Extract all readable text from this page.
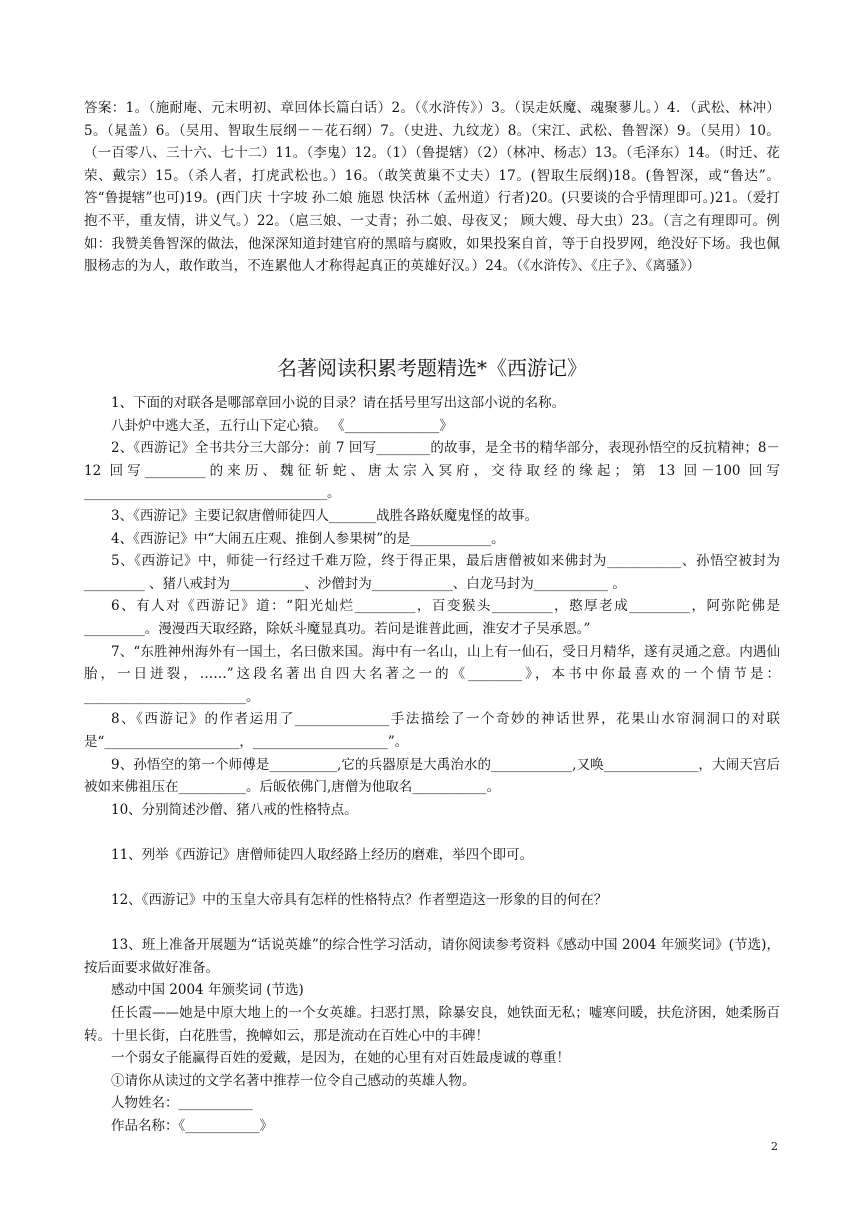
答案：1。（施耐庵、元末明初、章回体长篇白话）2。（《水浒传》）3。（误走妖魔、魂聚蓼儿。）4．（武松、林冲）5。（晁盖）6。（吴用、智取生辰纲－－花石纲）7。（史进、九纹龙）8。（宋江、武松、鲁智深）9。（吴用）10。（一百零八、三十六、七十二）11。（李鬼）12。（1）（鲁提辖）（2）（林冲、杨志）13。（毛泽东）14。（时迁、花荣、戴宗）15。（杀人者，打虎武松也。）16。（敢笑黄巢不丈夫）17。(智取生辰纲)18。(鲁智深，或“鲁达”。答“鲁提辖”也可)19。(西门庆 十字坡 孙二娘 施恩 快活林（孟州道）行者)20。(只要谈的合乎情理即可。)21。（爱打抱不平，重友情，讲义气。）22。（扈三娘、一丈青；孙二娘、母夜叉； 顾大嫂、母大虫）23。（言之有理即可。例如：我赞美鲁智深的做法，他深深知道封建官府的黑暗与腐败，如果投案自首，等于自投罗网，绝没好下场。我也佩服杨志的为人，敢作敢当，不连累他人才称得起真正的英雄好汉。）24。（《水浒传》、《庄子》、《离骚》）
名著阅读积累考题精选*《西游记》

1、下面的对联各是哪部章回小说的目录？请在括号里写出这部小说的名称。

八卦炉中逃大圣，五行山下定心猿。 《______________》

2、《西游记》全书共分三大部分：前 7 回写________的故事，是全书的精华部分，表现孙悟空的反抗精神；8－12 回写_________的来历、魏征斩蛇、唐太宗入冥府，交待取经的缘起；第 13 回－100 回写____________________________________。

3、《西游记》主要记叙唐僧师徒四人_______战胜各路妖魔鬼怪的故事。

4、《西游记》中“大闹五庄观、推倒人参果树”的是____________。

5、《西游记》中，师徒一行经过千难万险，终于得正果，最后唐僧被如来佛封为___________、孙悟空被封为_________ 、猪八戒封为___________、沙僧封为____________、白龙马封为___________ 。

6、有人对《西游记》道：“阳光灿烂_________，百变猴头_________，憨厚老成_________，阿弥陀佛是_________。漫漫西天取经路，除妖斗魔显真功。若问是谁普此画，淮安才子吴承恩。”

7、“东胜神州海外有一国土，名曰傲来国。海中有一名山，山上有一仙石，受日月精华，遂有灵通之意。内遇仙胎，一日迸裂，……”这段名著出自四大名著之一的《________》，本书中你最喜欢的一个情节是：________________________。

8、《西游记》的作者运用了______________手法描绘了一个奇妙的神话世界，花果山水帘洞洞口的对联是“____________________，____________________”。

9、孙悟空的第一个师傅是__________,它的兵器原是大禹治水的____________,又唤______________，大闹天宫后被如来佛祖压在__________。后皈依佛门,唐僧为他取名___________。

10、分别简述沙僧、猪八戒的性格特点。

11、列举《西游记》唐僧师徒四人取经路上经历的磨难，举四个即可。

12、《西游记》中的玉皇大帝具有怎样的性格特点？作者塑造这一形象的目的何在？

13、班上准备开展题为“话说英雄”的综合性学习活动，请你阅读参考资料《感动中国 2004 年颁奖词》(节选)，按后面要求做好准备。

感动中国 2004 年颁奖词 (节选)

任长霞——她是中原大地上的一个女英雄。扫恶打黑，除暴安良，她铁面无私；嘘寒问暖，扶危济困，她柔肠百转。十里长街，白花胜雪，挽幛如云，那是流动在百姓心中的丰碑！

一个弱女子能赢得百姓的爱戴，是因为，在她的心里有对百姓最虔诚的尊重！

①请你从读过的文学名著中推荐一位令自己感动的英雄人物。

人物姓名：___________

作品名称：《___________》

2
